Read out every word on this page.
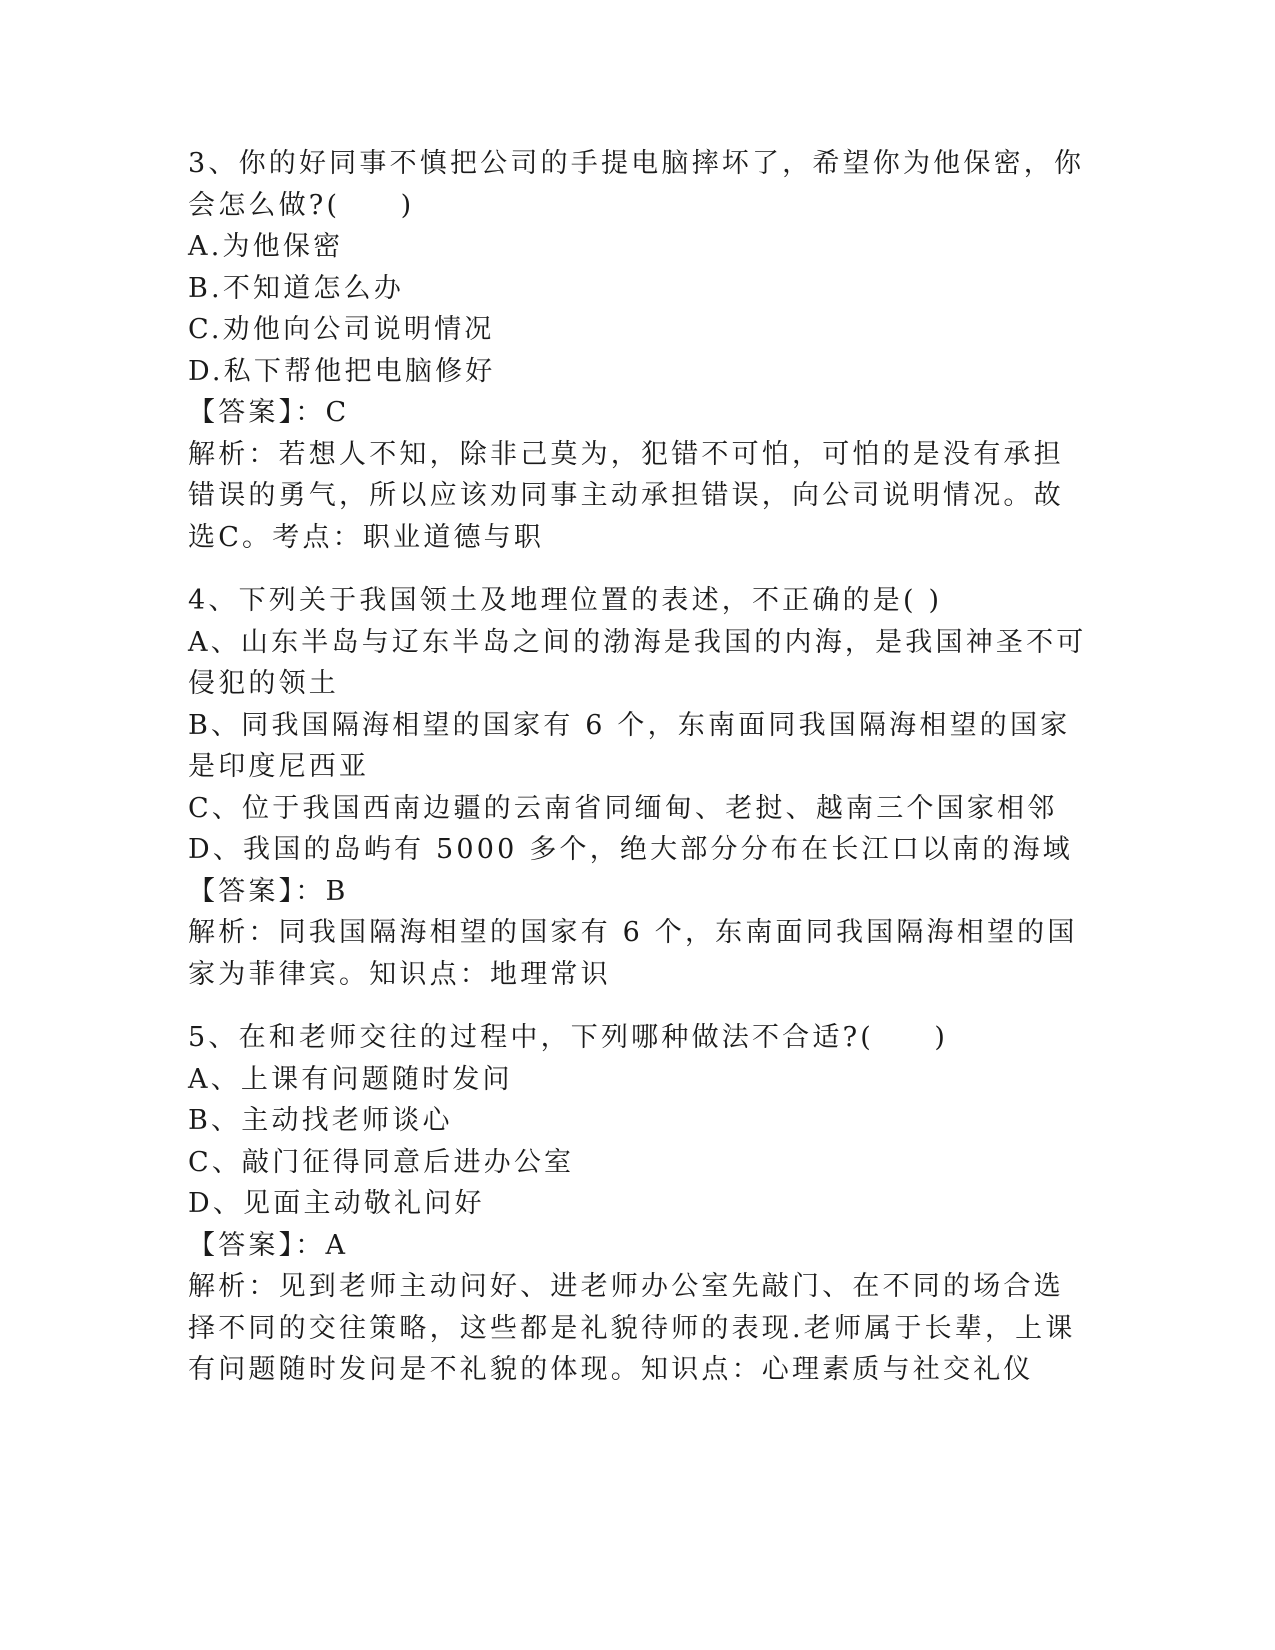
3、你的好同事不慎把公司的手提电脑摔坏了，希望你为他保密，你会怎么做?(　　)
A.为他保密
B.不知道怎么办
C.劝他向公司说明情况
D.私下帮他把电脑修好
【答案】：C
解析：若想人不知，除非己莫为，犯错不可怕，可怕的是没有承担错误的勇气，所以应该劝同事主动承担错误，向公司说明情况。故选C。考点：职业道德与职
4、下列关于我国领土及地理位置的表述，不正确的是( )
A、山东半岛与辽东半岛之间的渤海是我国的内海，是我国神圣不可侵犯的领土
B、同我国隔海相望的国家有 6 个，东南面同我国隔海相望的国家是印度尼西亚
C、位于我国西南边疆的云南省同缅甸、老挝、越南三个国家相邻
D、我国的岛屿有 5000 多个，绝大部分分布在长江口以南的海域
【答案】：B
解析：同我国隔海相望的国家有 6 个，东南面同我国隔海相望的国家为菲律宾。知识点：地理常识
5、在和老师交往的过程中，下列哪种做法不合适?(　　)
A、上课有问题随时发问
B、主动找老师谈心
C、敲门征得同意后进办公室
D、见面主动敬礼问好
【答案】：A
解析：见到老师主动问好、进老师办公室先敲门、在不同的场合选择不同的交往策略，这些都是礼貌待师的表现.老师属于长辈，上课有问题随时发问是不礼貌的体现。知识点：心理素质与社交礼仪
